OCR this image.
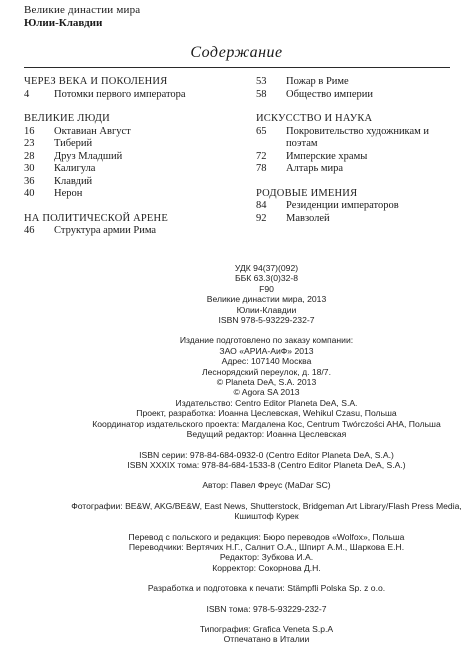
Великие династии мира
Юлии-Клавдии
Содержание
ЧЕРЕЗ ВЕКА И ПОКОЛЕНИЯ
4	Потомки первого императора
ВЕЛИКИЕ ЛЮДИ
16	Октавиан Август
23	Тиберий
28	Друз Младший
30	Калигула
36	Клавдий
40	Нерон
НА ПОЛИТИЧЕСКОЙ АРЕНЕ
46	Структура армии Рима
53	Пожар в Риме
58	Общество империи
ИСКУССТВО И НАУКА
65	Покровительство художникам и поэтам
72	Имперские храмы
78	Алтарь мира
РОДОВЫЕ ИМЕНИЯ
84	Резиденции императоров
92	Мавзолей
УДК 94(37)(092)
ББК 63.3(0)32-8
F90
Великие династии мира, 2013
Юлии-Клавдии
ISBN 978-5-93229-232-7
Издание подготовлено по заказу компании:
ЗАО «АРИА-АиФ» 2013
Адрес: 107140 Москва
Леснорядский переулок, д. 18/7.
© Planeta DeA, S.A. 2013
© Agora SA 2013
Издательство: Centro Editor Planeta DeA, S.A.
Проект, разработка: Иоанна Цеслевская, Wehikul Czasu, Польша
Координатор издательского проекта: Магдалена Кос, Centrum Twórczości AHA, Польша
Ведущий редактор: Иоанна Цеслевская
ISBN серии: 978-84-684-0932-0 (Centro Editor Planeta DeA, S.A.)
ISBN XXXIX тома: 978-84-684-1533-8 (Centro Editor Planeta DeA, S.A.)
Автор: Павел Фреус (MaDar SC)
Фотографии: BE&W, AKG/BE&W, East News, Shutterstock, Bridgeman Art Library/Flash Press Media,
Кшиштоф Курек
Перевод с польского и редакция: Бюро переводов «Wolfox», Польша
Переводчики: Вертячих Н.Г., Салнит О.А., Шпирт А.М., Шаркова Е.Н.
Редактор: Зубкова И.А.
Корректор: Сокорнова Д.Н.
Разработка и подготовка к печати: Stämpfli Polska Sp. z o.o.
ISBN тома: 978-5-93229-232-7
Типография: Grafica Veneta S.p.A
Отпечатано в Италии
